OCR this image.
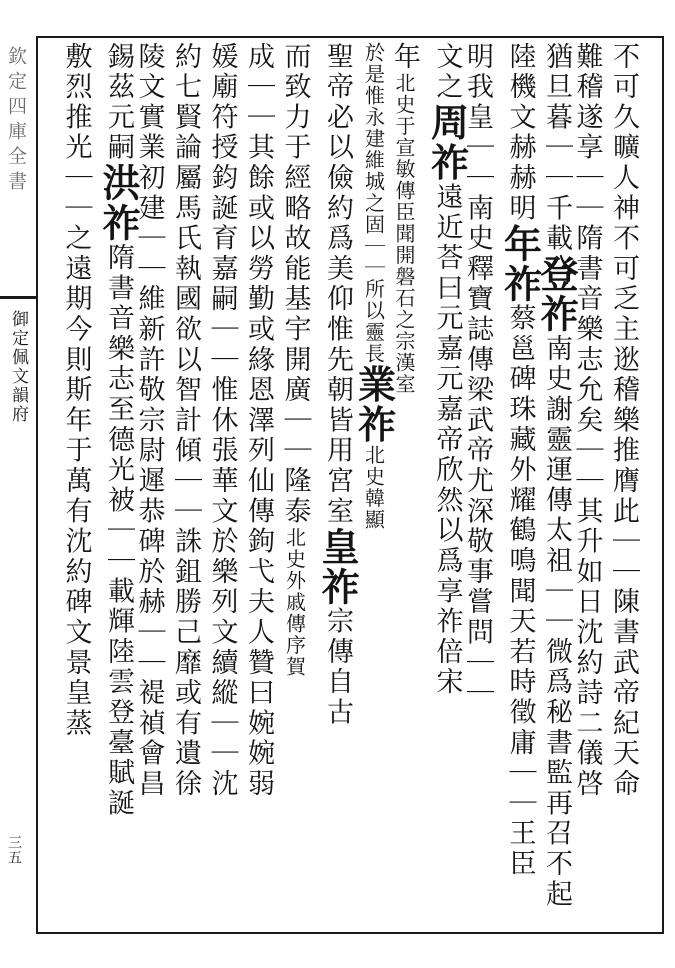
欽定四庫全書
御定佩文韻府
三五
不可久曠人神不可乏主逖稽樂推膺此｜｜陳書武帝紀天命
難稽遂享｜｜隋書音樂志允矣｜｜其升如日沈約詩二儀啓
猶旦暮｜｜千載登祚南史謝靈運傳太祖｜｜微爲秘書監再召不起
陸機文赫赫明年祚蔡邕碑珠藏外耀鶴鳴聞天若時徵庸｜｜王臣
明我皇｜｜南史釋寶誌傳梁武帝尤深敬事嘗問｜｜
文之周祚遠近荅曰元嘉元嘉帝欣然以爲享祚倍宋
年北史于宣敏傳臣聞開磐石之宗漢室
於是惟永建維城之固｜｜所以靈長業祚北史韓顯
聖帝必以儉約爲美仰惟先朝皆用宮室皇祚宗傳自古
而致力于經略故能基宇開廣｜｜隆泰北史外戚傳序賀
成｜｜其餘或以勞勤或緣恩澤列仙傳鉤弋夫人贊曰婉婉弱
媛廟符授鈞誕育嘉嗣｜｜惟休張華文於樂列文續縱｜｜沈
約七賢論屬馬氏執國欲以智計傾｜｜誅鉏勝己靡或有遺徐
陵文實業初建｜｜維新許敬宗尉遲恭碑於赫｜｜褆禎會昌
錫茲元嗣洪祚隋書音樂志至德光被｜｜載輝陸雲登臺賦誕
敷烈推光｜｜之遠期今則斯年于萬有沈約碑文景皇蒸
